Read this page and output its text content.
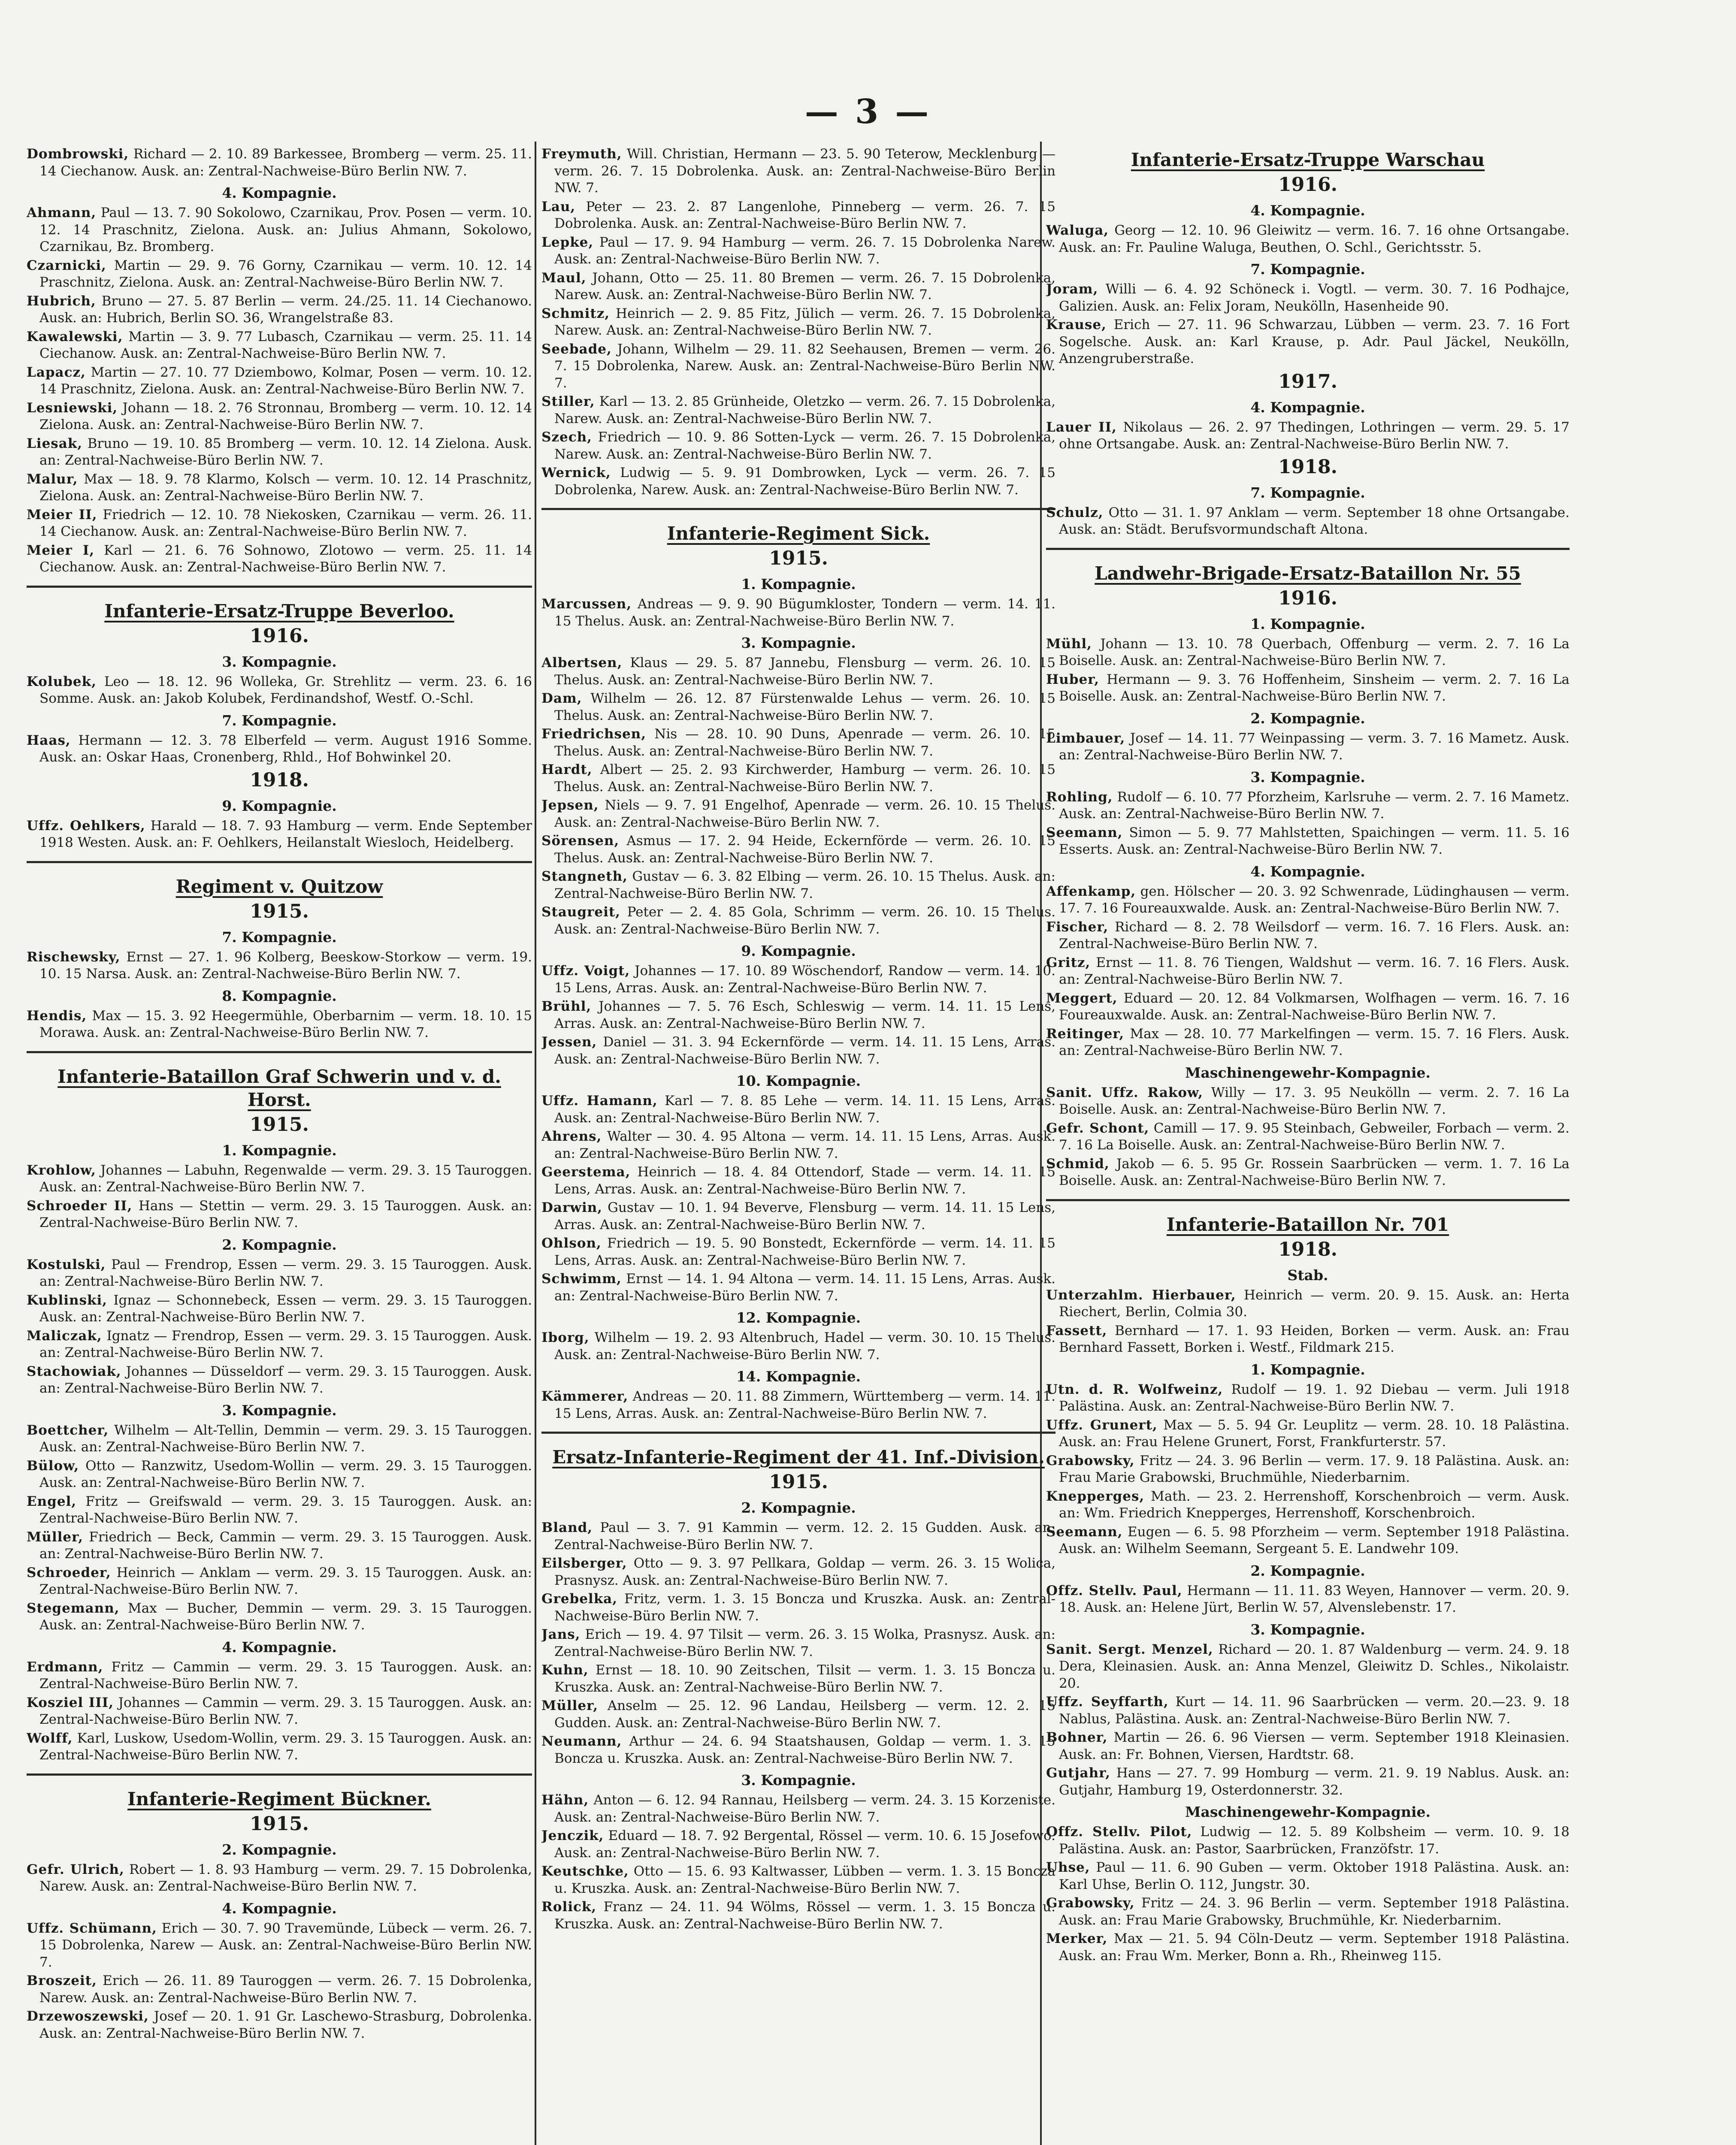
— 3 —

Dombrowski, Richard — 2. 10. 89 Barkessee, Bromberg — verm. 25. 11. 14 Ciechanow. Ausk. an: Zentral-Nachweise-Büro Berlin NW. 7.

4. Kompagnie.

Ahmann, Paul — 13. 7. 90 Sokolowo, Czarnikau, Prov. Posen — verm. 10. 12. 14 Praschnitz, Zielona. Ausk. an: Julius Ahmann, Sokolowo, Czarnikau, Bz. Bromberg.

Czarnicki, Martin — 29. 9. 76 Gorny, Czarnikau — verm. 10. 12. 14 Praschnitz, Zielona. Ausk. an: Zentral-Nachweise-Büro Berlin NW. 7.

Hubrich, Bruno — 27. 5. 87 Berlin — verm. 24./25. 11. 14 Ciechanowo. Ausk. an: Hubrich, Berlin SO. 36, Wrangelstraße 83.

Kawalewski, Martin — 3. 9. 77 Lubasch, Czarnikau — verm. 25. 11. 14 Ciechanow. Ausk. an: Zentral-Nachweise-Büro Berlin NW. 7.

Lapacz, Martin — 27. 10. 77 Dziembowo, Kolmar, Posen — verm. 10. 12. 14 Praschnitz, Zielona. Ausk. an: Zentral-Nachweise-Büro Berlin NW. 7.

Lesniewski, Johann — 18. 2. 76 Stronnau, Bromberg — verm. 10. 12. 14 Zielona. Ausk. an: Zentral-Nachweise-Büro Berlin NW. 7.

Liesak, Bruno — 19. 10. 85 Bromberg — verm. 10. 12. 14 Zielona. Ausk. an: Zentral-Nachweise-Büro Berlin NW. 7.

Malur, Max — 18. 9. 78 Klarmo, Kolsch — verm. 10. 12. 14 Praschnitz, Zielona. Ausk. an: Zentral-Nachweise-Büro Berlin NW. 7.

Meier II, Friedrich — 12. 10. 78 Niekosken, Czarnikau — verm. 26. 11. 14 Ciechanow. Ausk. an: Zentral-Nachweise-Büro Berlin NW. 7.

Meier I, Karl — 21. 6. 76 Sohnowo, Zlotowo — verm. 25. 11. 14 Ciechanow. Ausk. an: Zentral-Nachweise-Büro Berlin NW. 7.

Infanterie-Ersatz-Truppe Beverloo.
1916.
3. Kompagnie.

Kolubek, Leo — 18. 12. 96 Wolleka, Gr. Strehlitz — verm. 23. 6. 16 Somme. Ausk. an: Jakob Kolubek, Ferdinandshof, Westf. O.-Schl.

7. Kompagnie.

Haas, Hermann — 12. 3. 78 Elberfeld — verm. August 1916 Somme. Ausk. an: Oskar Haas, Cronenberg, Rhld., Hof Bohwinkel 20.

1918.
9. Kompagnie.

Uffz. Oehlkers, Harald — 18. 7. 93 Hamburg — verm. Ende September 1918 Westen. Ausk. an: F. Oehlkers, Heilanstalt Wiesloch, Heidelberg.

Regiment v. Quitzow
1915.
7. Kompagnie.

Rischewsky, Ernst — 27. 1. 96 Kolberg, Beeskow-Storkow — verm. 19. 10. 15 Narsa. Ausk. an: Zentral-Nachweise-Büro Berlin NW. 7.

8. Kompagnie.

Hendis, Max — 15. 3. 92 Heegermühle, Oberbarnim — verm. 18. 10. 15 Morawa. Ausk. an: Zentral-Nachweise-Büro Berlin NW. 7.

Infanterie-Bataillon Graf Schwerin und v. d. Horst.
1915.
1. Kompagnie.

Krohlow, Johannes — Labuhn, Regenwalde — verm. 29. 3. 15 Tauroggen. Ausk. an: Zentral-Nachweise-Büro Berlin NW. 7.

Schroeder II, Hans — Stettin — verm. 29. 3. 15 Tauroggen. Ausk. an: Zentral-Nachweise-Büro Berlin NW. 7.

2. Kompagnie.

Kostulski, Paul — Frendrop, Essen — verm. 29. 3. 15 Tauroggen. Ausk. an: Zentral-Nachweise-Büro Berlin NW. 7.

Kublinski, Ignaz — Schonnebeck, Essen — verm. 29. 3. 15 Tauroggen. Ausk. an: Zentral-Nachweise-Büro Berlin NW. 7.

Maliczak, Ignatz — Frendrop, Essen — verm. 29. 3. 15 Tauroggen. Ausk. an: Zentral-Nachweise-Büro Berlin NW. 7.

Stachowiak, Johannes — Düsseldorf — verm. 29. 3. 15 Tauroggen. Ausk. an: Zentral-Nachweise-Büro Berlin NW. 7.

3. Kompagnie.

Boettcher, Wilhelm — Alt-Tellin, Demmin — verm. 29. 3. 15 Tauroggen. Ausk. an: Zentral-Nachweise-Büro Berlin NW. 7.

Bülow, Otto — Ranzwitz, Usedom-Wollin — verm. 29. 3. 15 Tauroggen. Ausk. an: Zentral-Nachweise-Büro Berlin NW. 7.

Engel, Fritz — Greifswald — verm. 29. 3. 15 Tauroggen. Ausk. an: Zentral-Nachweise-Büro Berlin NW. 7.

Müller, Friedrich — Beck, Cammin — verm. 29. 3. 15 Tauroggen. Ausk. an: Zentral-Nachweise-Büro Berlin NW. 7.

Schroeder, Heinrich — Anklam — verm. 29. 3. 15 Tauroggen. Ausk. an: Zentral-Nachweise-Büro Berlin NW. 7.

Stegemann, Max — Bucher, Demmin — verm. 29. 3. 15 Tauroggen. Ausk. an: Zentral-Nachweise-Büro Berlin NW. 7.

4. Kompagnie.

Erdmann, Fritz — Cammin — verm. 29. 3. 15 Tauroggen. Ausk. an: Zentral-Nachweise-Büro Berlin NW. 7.

Kosziel III, Johannes — Cammin — verm. 29. 3. 15 Tauroggen. Ausk. an: Zentral-Nachweise-Büro Berlin NW. 7.

Wolff, Karl, Luskow, Usedom-Wollin, verm. 29. 3. 15 Tauroggen. Ausk. an: Zentral-Nachweise-Büro Berlin NW. 7.

Infanterie-Regiment Bückner.
1915.
2. Kompagnie.

Gefr. Ulrich, Robert — 1. 8. 93 Hamburg — verm. 29. 7. 15 Dobrolenka, Narew. Ausk. an: Zentral-Nachweise-Büro Berlin NW. 7.

4. Kompagnie.

Uffz. Schümann, Erich — 30. 7. 90 Travemünde, Lübeck — verm. 26. 7. 15 Dobrolenka, Narew — Ausk. an: Zentral-Nachweise-Büro Berlin NW. 7.

Broszeit, Erich — 26. 11. 89 Tauroggen — verm. 26. 7. 15 Dobrolenka, Narew. Ausk. an: Zentral-Nachweise-Büro Berlin NW. 7.

Drzewoszewski, Josef — 20. 1. 91 Gr. Laschewo-Strasburg, Dobrolenka. Ausk. an: Zentral-Nachweise-Büro Berlin NW. 7.

Freymuth, Will. Christian, Hermann — 23. 5. 90 Teterow, Mecklenburg — verm. 26. 7. 15 Dobrolenka. Ausk. an: Zentral-Nachweise-Büro Berlin NW. 7.

Lau, Peter — 23. 2. 87 Langenlohe, Pinneberg — verm. 26. 7. 15 Dobrolenka. Ausk. an: Zentral-Nachweise-Büro Berlin NW. 7.

Lepke, Paul — 17. 9. 94 Hamburg — verm. 26. 7. 15 Dobrolenka Narew. Ausk. an: Zentral-Nachweise-Büro Berlin NW. 7.

Maul, Johann, Otto — 25. 11. 80 Bremen — verm. 26. 7. 15 Dobrolenka, Narew. Ausk. an: Zentral-Nachweise-Büro Berlin NW. 7.

Schmitz, Heinrich — 2. 9. 85 Fitz, Jülich — verm. 26. 7. 15 Dobrolenka, Narew. Ausk. an: Zentral-Nachweise-Büro Berlin NW. 7.

Seebade, Johann, Wilhelm — 29. 11. 82 Seehausen, Bremen — verm. 26. 7. 15 Dobrolenka, Narew. Ausk. an: Zentral-Nachweise-Büro Berlin NW. 7.

Stiller, Karl — 13. 2. 85 Grünheide, Oletzko — verm. 26. 7. 15 Dobrolenka, Narew. Ausk. an: Zentral-Nachweise-Büro Berlin NW. 7.

Szech, Friedrich — 10. 9. 86 Sotten-Lyck — verm. 26. 7. 15 Dobrolenka, Narew. Ausk. an: Zentral-Nachweise-Büro Berlin NW. 7.

Wernick, Ludwig — 5. 9. 91 Dombrowken, Lyck — verm. 26. 7. 15 Dobrolenka, Narew. Ausk. an: Zentral-Nachweise-Büro Berlin NW. 7.

Infanterie-Regiment Sick.
1915.
1. Kompagnie.

Marcussen, Andreas — 9. 9. 90 Bügumkloster, Tondern — verm. 14. 11. 15 Thelus. Ausk. an: Zentral-Nachweise-Büro Berlin NW. 7.

3. Kompagnie.

Albertsen, Klaus — 29. 5. 87 Jannebu, Flensburg — verm. 26. 10. 15 Thelus. Ausk. an: Zentral-Nachweise-Büro Berlin NW. 7.

Dam, Wilhelm — 26. 12. 87 Fürstenwalde Lehus — verm. 26. 10. 15 Thelus. Ausk. an: Zentral-Nachweise-Büro Berlin NW. 7.

Friedrichsen, Nis — 28. 10. 90 Duns, Apenrade — verm. 26. 10. 15 Thelus. Ausk. an: Zentral-Nachweise-Büro Berlin NW. 7.

Hardt, Albert — 25. 2. 93 Kirchwerder, Hamburg — verm. 26. 10. 15 Thelus. Ausk. an: Zentral-Nachweise-Büro Berlin NW. 7.

Jepsen, Niels — 9. 7. 91 Engelhof, Apenrade — verm. 26. 10. 15 Thelus. Ausk. an: Zentral-Nachweise-Büro Berlin NW. 7.

Sörensen, Asmus — 17. 2. 94 Heide, Eckernförde — verm. 26. 10. 15 Thelus. Ausk. an: Zentral-Nachweise-Büro Berlin NW. 7.

Stangneth, Gustav — 6. 3. 82 Elbing — verm. 26. 10. 15 Thelus. Ausk. an: Zentral-Nachweise-Büro Berlin NW. 7.

Staugreit, Peter — 2. 4. 85 Gola, Schrimm — verm. 26. 10. 15 Thelus. Ausk. an: Zentral-Nachweise-Büro Berlin NW. 7.

9. Kompagnie.

Uffz. Voigt, Johannes — 17. 10. 89 Wöschendorf, Randow — verm. 14. 10. 15 Lens, Arras. Ausk. an: Zentral-Nachweise-Büro Berlin NW. 7.

Brühl, Johannes — 7. 5. 76 Esch, Schleswig — verm. 14. 11. 15 Lens, Arras. Ausk. an: Zentral-Nachweise-Büro Berlin NW. 7.

Jessen, Daniel — 31. 3. 94 Eckernförde — verm. 14. 11. 15 Lens, Arras. Ausk. an: Zentral-Nachweise-Büro Berlin NW. 7.

10. Kompagnie.

Uffz. Hamann, Karl — 7. 8. 85 Lehe — verm. 14. 11. 15 Lens, Arras. Ausk. an: Zentral-Nachweise-Büro Berlin NW. 7.

Ahrens, Walter — 30. 4. 95 Altona — verm. 14. 11. 15 Lens, Arras. Ausk. an: Zentral-Nachweise-Büro Berlin NW. 7.

Geerstema, Heinrich — 18. 4. 84 Ottendorf, Stade — verm. 14. 11. 15 Lens, Arras. Ausk. an: Zentral-Nachweise-Büro Berlin NW. 7.

Darwin, Gustav — 10. 1. 94 Beverve, Flensburg — verm. 14. 11. 15 Lens, Arras. Ausk. an: Zentral-Nachweise-Büro Berlin NW. 7.

Ohlson, Friedrich — 19. 5. 90 Bonstedt, Eckernförde — verm. 14. 11. 15 Lens, Arras. Ausk. an: Zentral-Nachweise-Büro Berlin NW. 7.

Schwimm, Ernst — 14. 1. 94 Altona — verm. 14. 11. 15 Lens, Arras. Ausk. an: Zentral-Nachweise-Büro Berlin NW. 7.

12. Kompagnie.

Iborg, Wilhelm — 19. 2. 93 Altenbruch, Hadel — verm. 30. 10. 15 Thelus. Ausk. an: Zentral-Nachweise-Büro Berlin NW. 7.

14. Kompagnie.

Kämmerer, Andreas — 20. 11. 88 Zimmern, Württemberg — verm. 14. 11. 15 Lens, Arras. Ausk. an: Zentral-Nachweise-Büro Berlin NW. 7.

Ersatz-Infanterie-Regiment der 41. Inf.-Division.
1915.
2. Kompagnie.

Bland, Paul — 3. 7. 91 Kammin — verm. 12. 2. 15 Gudden. Ausk. an: Zentral-Nachweise-Büro Berlin NW. 7.

Eilsberger, Otto — 9. 3. 97 Pellkara, Goldap — verm. 26. 3. 15 Wolica, Prasnysz. Ausk. an: Zentral-Nachweise-Büro Berlin NW. 7.

Grebelka, Fritz, verm. 1. 3. 15 Boncza und Kruszka. Ausk. an: Zentral-Nachweise-Büro Berlin NW. 7.

Jans, Erich — 19. 4. 97 Tilsit — verm. 26. 3. 15 Wolka, Prasnysz. Ausk. an: Zentral-Nachweise-Büro Berlin NW. 7.

Kuhn, Ernst — 18. 10. 90 Zeitschen, Tilsit — verm. 1. 3. 15 Boncza u. Kruszka. Ausk. an: Zentral-Nachweise-Büro Berlin NW. 7.

Müller, Anselm — 25. 12. 96 Landau, Heilsberg — verm. 12. 2. 15 Gudden. Ausk. an: Zentral-Nachweise-Büro Berlin NW. 7.

Neumann, Arthur — 24. 6. 94 Staatshausen, Goldap — verm. 1. 3. 15 Boncza u. Kruszka. Ausk. an: Zentral-Nachweise-Büro Berlin NW. 7.

3. Kompagnie.

Hähn, Anton — 6. 12. 94 Rannau, Heilsberg — verm. 24. 3. 15 Korzeniste. Ausk. an: Zentral-Nachweise-Büro Berlin NW. 7.

Jenczik, Eduard — 18. 7. 92 Bergental, Rössel — verm. 10. 6. 15 Josefowo. Ausk. an: Zentral-Nachweise-Büro Berlin NW. 7.

Keutschke, Otto — 15. 6. 93 Kaltwasser, Lübben — verm. 1. 3. 15 Boncza u. Kruszka. Ausk. an: Zentral-Nachweise-Büro Berlin NW. 7.

Rolick, Franz — 24. 11. 94 Wölms, Rössel — verm. 1. 3. 15 Boncza u. Kruszka. Ausk. an: Zentral-Nachweise-Büro Berlin NW. 7.

Infanterie-Ersatz-Truppe Warschau
1916.
4. Kompagnie.

Waluga, Georg — 12. 10. 96 Gleiwitz — verm. 16. 7. 16 ohne Ortsangabe. Ausk. an: Fr. Pauline Waluga, Beuthen, O. Schl., Gerichtsstr. 5.

7. Kompagnie.

Joram, Willi — 6. 4. 92 Schöneck i. Vogtl. — verm. 30. 7. 16 Podhajce, Galizien. Ausk. an: Felix Joram, Neukölln, Hasenheide 90.

Krause, Erich — 27. 11. 96 Schwarzau, Lübben — verm. 23. 7. 16 Fort Sogelsche. Ausk. an: Karl Krause, p. Adr. Paul Jäckel, Neukölln, Anzengruberstraße.

1917.
4. Kompagnie.

Lauer II, Nikolaus — 26. 2. 97 Thedingen, Lothringen — verm. 29. 5. 17 ohne Ortsangabe. Ausk. an: Zentral-Nachweise-Büro Berlin NW. 7.

1918.
7. Kompagnie.

Schulz, Otto — 31. 1. 97 Anklam — verm. September 18 ohne Ortsangabe. Ausk. an: Städt. Berufsvormundschaft Altona.

Landwehr-Brigade-Ersatz-Bataillon Nr. 55
1916.
1. Kompagnie.

Mühl, Johann — 13. 10. 78 Querbach, Offenburg — verm. 2. 7. 16 La Boiselle. Ausk. an: Zentral-Nachweise-Büro Berlin NW. 7.

Huber, Hermann — 9. 3. 76 Hoffenheim, Sinsheim — verm. 2. 7. 16 La Boiselle. Ausk. an: Zentral-Nachweise-Büro Berlin NW. 7.

2. Kompagnie.

Limbauer, Josef — 14. 11. 77 Weinpassing — verm. 3. 7. 16 Mametz. Ausk. an: Zentral-Nachweise-Büro Berlin NW. 7.

3. Kompagnie.

Rohling, Rudolf — 6. 10. 77 Pforzheim, Karlsruhe — verm. 2. 7. 16 Mametz. Ausk. an: Zentral-Nachweise-Büro Berlin NW. 7.

Seemann, Simon — 5. 9. 77 Mahlstetten, Spaichingen — verm. 11. 5. 16 Esserts. Ausk. an: Zentral-Nachweise-Büro Berlin NW. 7.

4. Kompagnie.

Affenkamp, gen. Hölscher — 20. 3. 92 Schwenrade, Lüdinghausen — verm. 17. 7. 16 Foureauxwalde. Ausk. an: Zentral-Nachweise-Büro Berlin NW. 7.

Fischer, Richard — 8. 2. 78 Weilsdorf — verm. 16. 7. 16 Flers. Ausk. an: Zentral-Nachweise-Büro Berlin NW. 7.

Gritz, Ernst — 11. 8. 76 Tiengen, Waldshut — verm. 16. 7. 16 Flers. Ausk. an: Zentral-Nachweise-Büro Berlin NW. 7.

Meggert, Eduard — 20. 12. 84 Volkmarsen, Wolfhagen — verm. 16. 7. 16 Foureauxwalde. Ausk. an: Zentral-Nachweise-Büro Berlin NW. 7.

Reitinger, Max — 28. 10. 77 Markelfingen — verm. 15. 7. 16 Flers. Ausk. an: Zentral-Nachweise-Büro Berlin NW. 7.

Maschinengewehr-Kompagnie.

Sanit. Uffz. Rakow, Willy — 17. 3. 95 Neukölln — verm. 2. 7. 16 La Boiselle. Ausk. an: Zentral-Nachweise-Büro Berlin NW. 7.

Gefr. Schont, Camill — 17. 9. 95 Steinbach, Gebweiler, Forbach — verm. 2. 7. 16 La Boiselle. Ausk. an: Zentral-Nachweise-Büro Berlin NW. 7.

Schmid, Jakob — 6. 5. 95 Gr. Rossein Saarbrücken — verm. 1. 7. 16 La Boiselle. Ausk. an: Zentral-Nachweise-Büro Berlin NW. 7.

Infanterie-Bataillon Nr. 701
1918.
Stab.

Unterzahlm. Hierbauer, Heinrich — verm. 20. 9. 15. Ausk. an: Herta Riechert, Berlin, Colmia 30.

Fassett, Bernhard — 17. 1. 93 Heiden, Borken — verm. Ausk. an: Frau Bernhard Fassett, Borken i. Westf., Fildmark 215.

1. Kompagnie.

Utn. d. R. Wolfweinz, Rudolf — 19. 1. 92 Diebau — verm. Juli 1918 Palästina. Ausk. an: Zentral-Nachweise-Büro Berlin NW. 7.

Uffz. Grunert, Max — 5. 5. 94 Gr. Leuplitz — verm. 28. 10. 18 Palästina. Ausk. an: Frau Helene Grunert, Forst, Frankfurterstr. 57.

Grabowsky, Fritz — 24. 3. 96 Berlin — verm. 17. 9. 18 Palästina. Ausk. an: Frau Marie Grabowski, Bruchmühle, Niederbarnim.

Knepperges, Math. — 23. 2. Herrenshoff, Korschenbroich — verm. Ausk. an: Wm. Friedrich Knepperges, Herrenshoff, Korschenbroich.

Seemann, Eugen — 6. 5. 98 Pforzheim — verm. September 1918 Palästina. Ausk. an: Wilhelm Seemann, Sergeant 5. E. Landwehr 109.

2. Kompagnie.

Offz. Stellv. Paul, Hermann — 11. 11. 83 Weyen, Hannover — verm. 20. 9. 18. Ausk. an: Helene Jürt, Berlin W. 57, Alvenslebenstr. 17.

3. Kompagnie.

Sanit. Sergt. Menzel, Richard — 20. 1. 87 Waldenburg — verm. 24. 9. 18 Dera, Kleinasien. Ausk. an: Anna Menzel, Gleiwitz D. Schles., Nikolaistr. 20.

Uffz. Seyffarth, Kurt — 14. 11. 96 Saarbrücken — verm. 20.—23. 9. 18 Nablus, Palästina. Ausk. an: Zentral-Nachweise-Büro Berlin NW. 7.

Bohner, Martin — 26. 6. 96 Viersen — verm. September 1918 Kleinasien. Ausk. an: Fr. Bohnen, Viersen, Hardtstr. 68.

Gutjahr, Hans — 27. 7. 99 Homburg — verm. 21. 9. 19 Nablus. Ausk. an: Gutjahr, Hamburg 19, Osterdonnerstr. 32.

Maschinengewehr-Kompagnie.

Offz. Stellv. Pilot, Ludwig — 12. 5. 89 Kolbsheim — verm. 10. 9. 18 Palästina. Ausk. an: Pastor, Saarbrücken, Franzöfstr. 17.

Uhse, Paul — 11. 6. 90 Guben — verm. Oktober 1918 Palästina. Ausk. an: Karl Uhse, Berlin O. 112, Jungstr. 30.

Grabowsky, Fritz — 24. 3. 96 Berlin — verm. September 1918 Palästina. Ausk. an: Frau Marie Grabowsky, Bruchmühle, Kr. Niederbarnim.

Merker, Max — 21. 5. 94 Cöln-Deutz — verm. September 1918 Palästina. Ausk. an: Frau Wm. Merker, Bonn a. Rh., Rheinweg 115.
